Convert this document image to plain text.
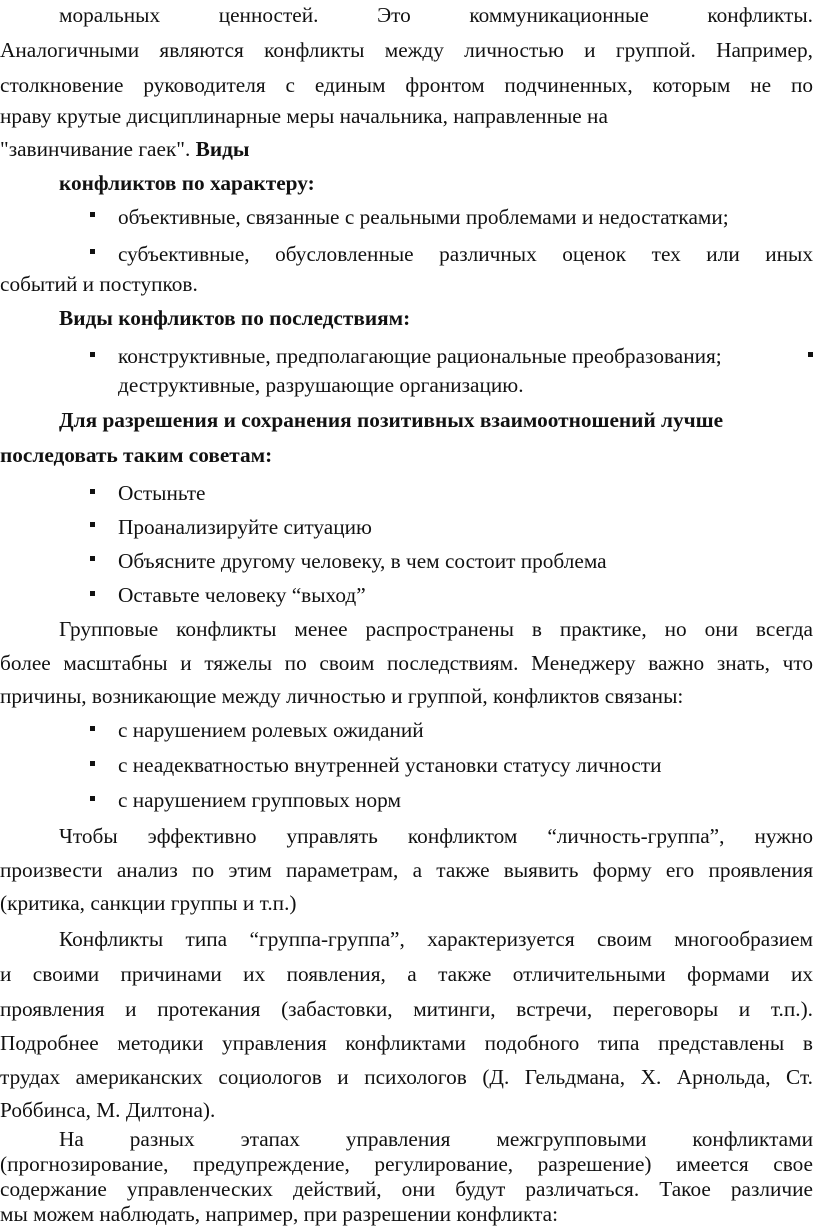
моральных ценностей. Это коммуникационные конфликты.
Аналогичными являются конфликты между личностью и группой. Например,
столкновение руководителя с единым фронтом подчиненных, которым не по
нраву крутые дисциплинарные меры начальника, направленные на
"завинчивание гаек". Виды
конфликтов по характеру:
объективные, связанные с реальными проблемами и недостатками;
субъективные, обусловленные различных оценок тех или иных
событий и поступков.
Виды конфликтов по последствиям:
конструктивные, предполагающие рациональные преобразования;
деструктивные, разрушающие организацию.
Для разрешения и сохранения позитивных взаимоотношений лучше
последовать таким советам:
Остыньте
Проанализируйте ситуацию
Объясните другому человеку, в чем состоит проблема
Оставьте человеку “выход”
Групповые конфликты менее распространены в практике, но они всегда
более масштабны и тяжелы по своим последствиям. Менеджеру важно знать, что
причины, возникающие между личностью и группой, конфликтов связаны:
с нарушением ролевых ожиданий
с неадекватностью внутренней установки статусу личности
с нарушением групповых норм
Чтобы эффективно управлять конфликтом “личность-группа”, нужно
произвести анализ по этим параметрам, а также выявить форму его проявления
(критика, санкции группы и т.п.)
Конфликты типа “группа-группа”, характеризуется своим многообразием
и своими причинами их появления, а также отличительными формами их
проявления и протекания (забастовки, митинги, встречи, переговоры и т.п.).
Подробнее методики управления конфликтами подобного типа представлены в
трудах американских социологов и психологов (Д. Гельдмана, Х. Арнольда, Ст.
Роббинса, М. Дилтона).
На разных этапах управления межгрупповыми конфликтами
(прогнозирование, предупреждение, регулирование, разрешение) имеется свое
содержание управленческих действий, они будут различаться. Такое различие
мы можем наблюдать, например, при разрешении конфликта:
